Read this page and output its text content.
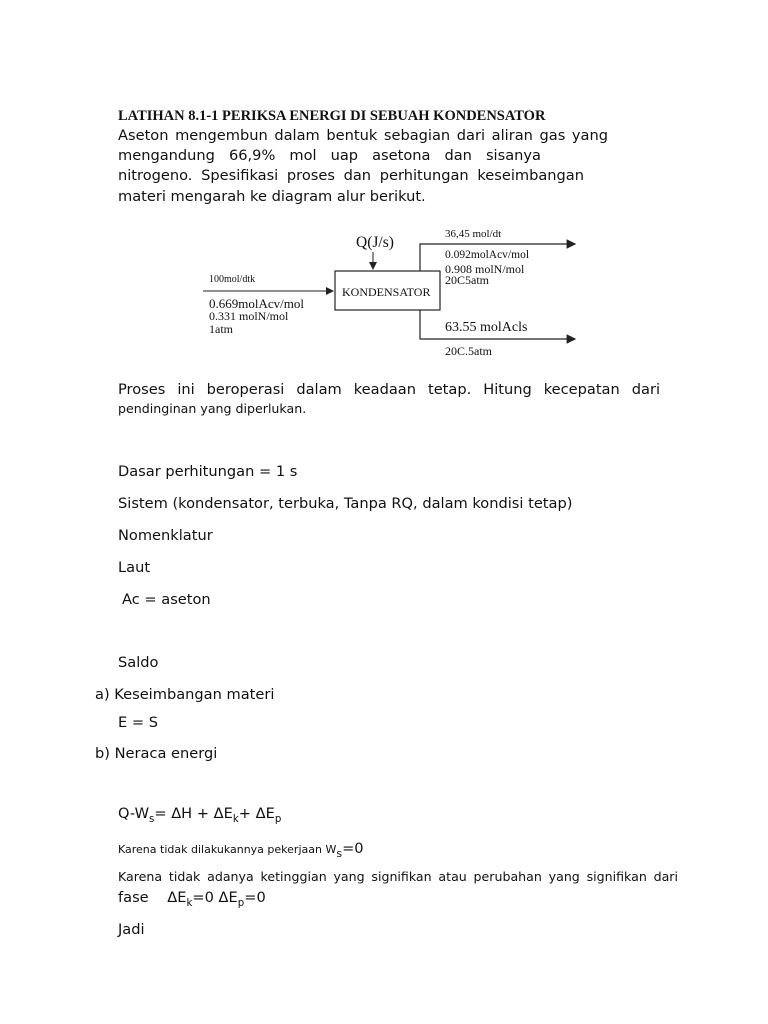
LATIHAN 8.1-1 PERIKSA ENERGI DI SEBUAH KONDENSATOR
Aseton mengembun dalam bentuk sebagian dari aliran gas yang
mengandung 66,9% mol uap asetona dan sisanya
nitrogeno. Spesifikasi proses dan perhitungan keseimbangan
materi mengarah ke diagram alur berikut.
Q(J/s)
KONDENSATOR
100mol/dtk
0.669molAcv/mol
0.331 molN/mol
1atm
36,45 mol/dt
0.092molAcv/mol
0.908 molN/mol
20C5atm
63.55 molAcls
20C.5atm
Proses ini beroperasi dalam keadaan tetap. Hitung kecepatan dari
pendinginan yang diperlukan.
Dasar perhitungan = 1 s
Sistem (kondensator, terbuka, Tanpa RQ, dalam kondisi tetap)
Nomenklatur
Laut
Ac = aseton
Saldo
a) Keseimbangan materi
E = S
b) Neraca energi
$Q-W_s= \Delta H + \Delta E_k+ \Delta E_p$
Karena tidak dilakukannya pekerjaan $W_s=0$
Karena tidak adanya ketinggian yang signifikan atau perubahan yang signifikan dari
fase $\Delta E_k=0$ $\Delta E_p=0$
Jadi
